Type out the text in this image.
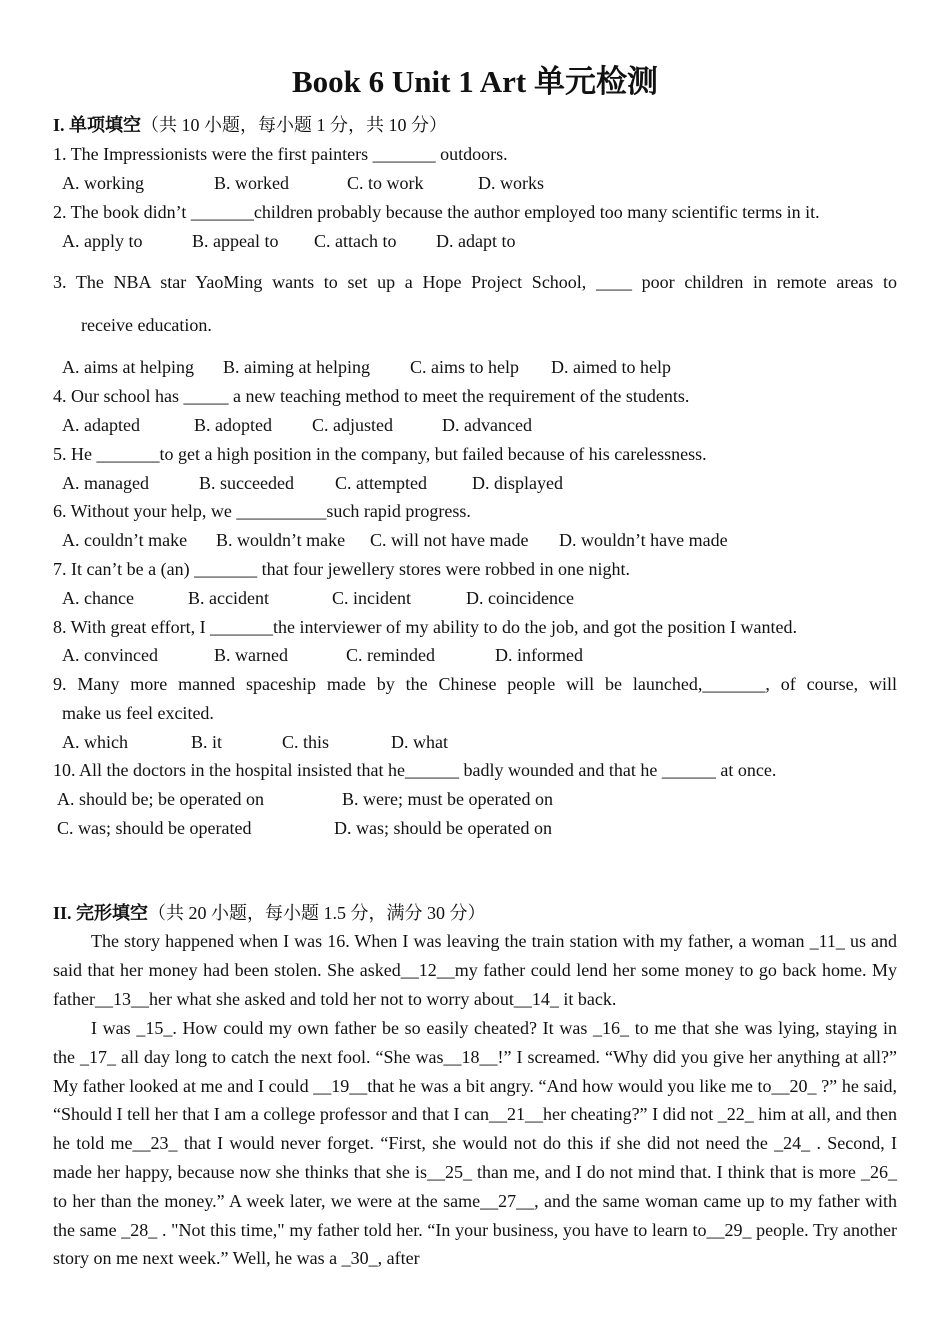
Book 6 Unit 1 Art 单元检测
I. 单项填空（共 10 小题，每小题 1 分，共 10 分）
1. The Impressionists were the first painters _______ outdoors.
A. working	B. worked	C. to work	D. works
2. The book didn’t _______children probably because the author employed too many scientific terms in it.
A. apply to	B. appeal to C. attach to D. adapt to
3. The NBA star YaoMing wants to set up a Hope Project School, ____ poor children in remote areas to
receive education.
A. aims at helping B. aiming at helping C. aims to help D. aimed to help
4. Our school has _____ a new teaching method to meet the requirement of the students.
A. adapted	B. adopted C. adjusted	D. advanced
5. He _______to get a high position in the company, but failed because of his carelessness.
A. managed	B. succeeded C. attempted	D. displayed
6. Without your help, we __________such rapid progress.
A. couldn’t make B. wouldn’t make C. will not have made D. wouldn’t have made
7. It can’t be a (an) _______ that four jewellery stores were robbed in one night.
A. chance	B. accident	C. incident	D. coincidence
8. With great effort, I _______the interviewer of my ability to do the job, and got the position I wanted.
A. convinced	B. warned	C. reminded	D. informed
9. Many more manned spaceship made by the Chinese people will be launched,_______, of course, will
make us feel excited.
A. which	B. it	C. this	D. what
10. All the doctors in the hospital insisted that he______ badly wounded and that he ______ at once.
A. should be; be operated on	B. were; must be operated on
C. was; should be operated	D. was; should be operated on
II. 完形填空（共 20 小题，每小题 1.5 分，满分 30 分）
The story happened when I was 16. When I was leaving the train station with my father, a woman _11_ us and said that her money had been stolen. She asked__12__my father could lend her some money to go back home. My father__13__her what she asked and told her not to worry about__14_ it back.
I was _15_. How could my own father be so easily cheated? It was _16_ to me that she was lying, staying in the _17_ all day long to catch the next fool. “She was__18__!” I screamed. “Why did you give her anything at all?” My father looked at me and I could __19__that he was a bit angry. “And how would you like me to__20_ ?” he said, “Should I tell her that I am a college professor and that I can__21__her cheating?” I did not _22_ him at all, and then he told me__23_ that I would never forget. “First, she would not do this if she did not need the _24_ . Second, I made her happy, because now she thinks that she is__25_ than me, and I do not mind that. I think that is more _26_ to her than the money.” A week later, we were at the same__27__, and the same woman came up to my father with the same _28_ . "Not this time," my father told her. “In your business, you have to learn to__29_ people. Try another story on me next week.” Well, he was a _30_, after
